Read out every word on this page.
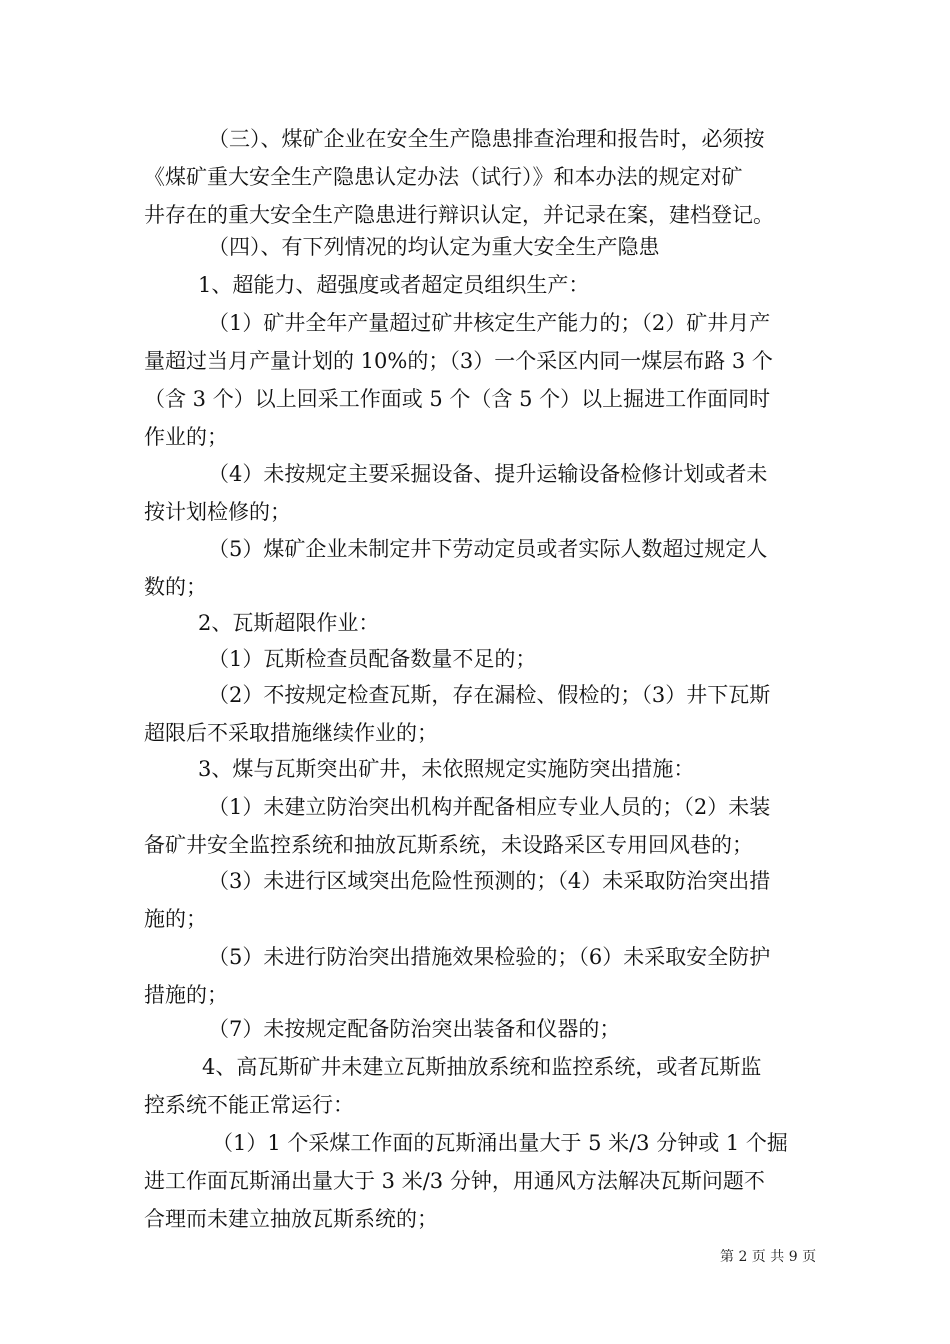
（三）、煤矿企业在安全生产隐患排查治理和报告时，必须按
《煤矿重大安全生产隐患认定办法（试行）》和本办法的规定对矿
井存在的重大安全生产隐患进行辩识认定，并记录在案，建档登记。
（四）、有下列情况的均认定为重大安全生产隐患
1、超能力、超强度或者超定员组织生产：
（1）矿井全年产量超过矿井核定生产能力的；（2）矿井月产
量超过当月产量计划的 10%的；（3）一个采区内同一煤层布路 3 个
（含 3 个）以上回采工作面或 5 个（含 5 个）以上掘进工作面同时
作业的；
（4）未按规定主要采掘设备、提升运输设备检修计划或者未
按计划检修的；
（5）煤矿企业未制定井下劳动定员或者实际人数超过规定人
数的；
2、瓦斯超限作业：
（1）瓦斯检查员配备数量不足的；
（2）不按规定检查瓦斯，存在漏检、假检的；（3）井下瓦斯
超限后不采取措施继续作业的；
3、煤与瓦斯突出矿井，未依照规定实施防突出措施：
（1）未建立防治突出机构并配备相应专业人员的；（2）未装
备矿井安全监控系统和抽放瓦斯系统，未设路采区专用回风巷的；
（3）未进行区域突出危险性预测的；（4）未采取防治突出措
施的；
（5）未进行防治突出措施效果检验的；（6）未采取安全防护
措施的；
（7）未按规定配备防治突出装备和仪器的；
4、高瓦斯矿井未建立瓦斯抽放系统和监控系统，或者瓦斯监
控系统不能正常运行：
（1）1 个采煤工作面的瓦斯涌出量大于 5 米/3 分钟或 1 个掘
进工作面瓦斯涌出量大于 3 米/3 分钟，用通风方法解决瓦斯问题不
合理而未建立抽放瓦斯系统的；
第 2 页 共 9 页
